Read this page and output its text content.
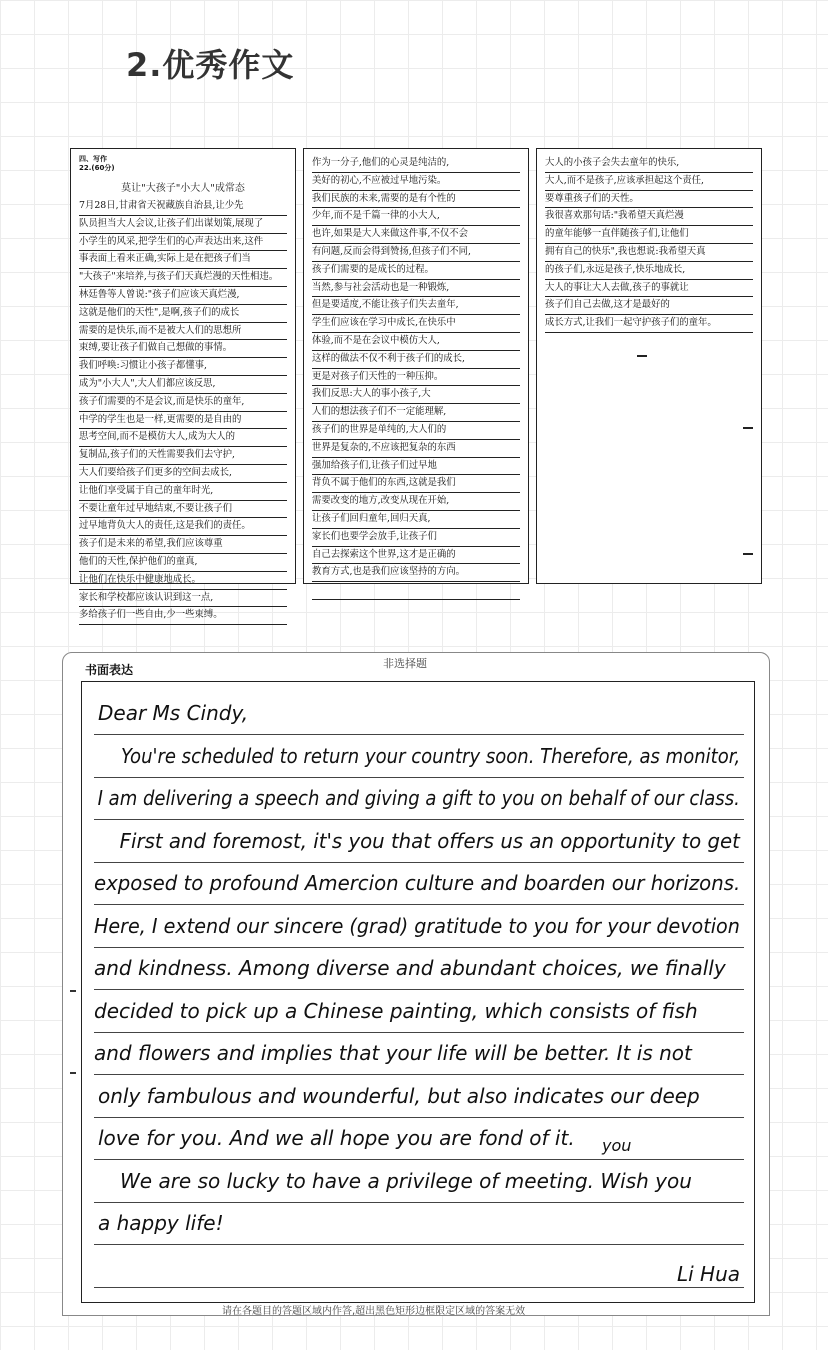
2.优秀作文
四、写作
22.(60分)
莫让"大孩子"小大人"成常态
7月28日,甘肃省天祝藏族自治县,让少先
队员担当大人会议,让孩子们出谋划策,展现了
小学生的风采,把学生们的心声表达出来,这件
事表面上看来正确,实际上是在把孩子们当
"大孩子"来培养,与孩子们天真烂漫的天性相违。
林廷鲁等人曾说:"孩子们应该天真烂漫,
这就是他们的天性",是啊,孩子们的成长
需要的是快乐,而不是被大人们的思想所
束缚,要让孩子们做自己想做的事情。
我们呼唤:习惯让小孩子都懂事,
成为"小大人",大人们都应该反思,
孩子们需要的不是会议,而是快乐的童年,
中学的学生也是一样,更需要的是自由的
思考空间,而不是模仿大人,成为大人的
复制品,孩子们的天性需要我们去守护,
大人们要给孩子们更多的空间去成长,
让他们享受属于自己的童年时光,
不要让童年过早地结束,不要让孩子们
过早地背负大人的责任,这是我们的责任。
孩子们是未来的希望,我们应该尊重
他们的天性,保护他们的童真,
让他们在快乐中健康地成长。
家长和学校都应该认识到这一点,
多给孩子们一些自由,少一些束缚。
作为一分子,他们的心灵是纯洁的,
美好的初心,不应被过早地污染。
我们民族的未来,需要的是有个性的
少年,而不是千篇一律的小大人,
也许,如果是大人来做这件事,不仅不会
有问题,反而会得到赞扬,但孩子们不同,
孩子们需要的是成长的过程。
当然,参与社会活动也是一种锻炼,
但是要适度,不能让孩子们失去童年,
学生们应该在学习中成长,在快乐中
体验,而不是在会议中模仿大人,
这样的做法不仅不利于孩子们的成长,
更是对孩子们天性的一种压抑。
我们反思:大人的事小孩子,大
人们的想法孩子们不一定能理解,
孩子们的世界是单纯的,大人们的
世界是复杂的,不应该把复杂的东西
强加给孩子们,让孩子们过早地
背负不属于他们的东西,这就是我们
需要改变的地方,改变从现在开始,
让孩子们回归童年,回归天真,
家长们也要学会放手,让孩子们
自己去探索这个世界,这才是正确的
教育方式,也是我们应该坚持的方向。
大人的小孩子会失去童年的快乐,
大人,而不是孩子,应该承担起这个责任,
要尊重孩子们的天性。
我很喜欢那句话:"我希望天真烂漫
的童年能够一直伴随孩子们,让他们
拥有自己的快乐",我也想说:我希望天真
的孩子们,永远是孩子,快乐地成长,
大人的事让大人去做,孩子的事就让
孩子们自己去做,这才是最好的
成长方式,让我们一起守护孩子们的童年。
书面表达	非选择题
Dear Ms Cindy,
You're scheduled to return your country soon. Therefore, as monitor,
I am delivering a speech and giving a gift to you on behalf of our class.
First and foremost, it's you that offers us an opportunity to get
exposed to profound Amercion culture and boarden our horizons.
Here, I extend our sincere (grad) gratitude to you for your devotion
and kindness. Among diverse and abundant choices, we finally
decided to pick up a Chinese painting, which consists of fish
and flowers and implies that your life will be better. It is not
only fambulous and wounderful, but also indicates our deep
love for you. And we all hope you are fond of it.
We are so lucky to have a privilege of meeting. Wish you
a happy life!
you
Li Hua
请在各题目的答题区域内作答,超出黑色矩形边框限定区域的答案无效
